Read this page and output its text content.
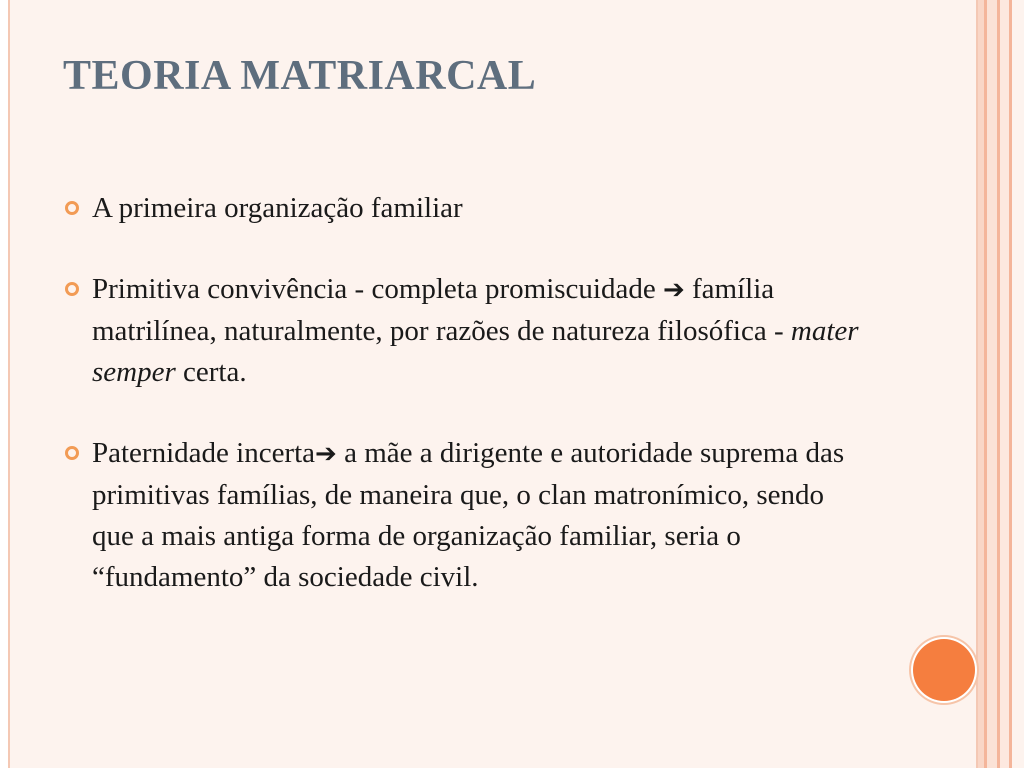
TEORIA MATRIARCAL
A primeira organização familiar
Primitiva convivência - completa promiscuidade ➔ família matrilínea, naturalmente, por razões de natureza filosófica - mater semper certa.
Paternidade incerta➔ a mãe a dirigente e autoridade suprema das primitivas famílias, de maneira que, o clan matronímico, sendo que a mais antiga forma de organização familiar, seria o “fundamento” da sociedade civil.
